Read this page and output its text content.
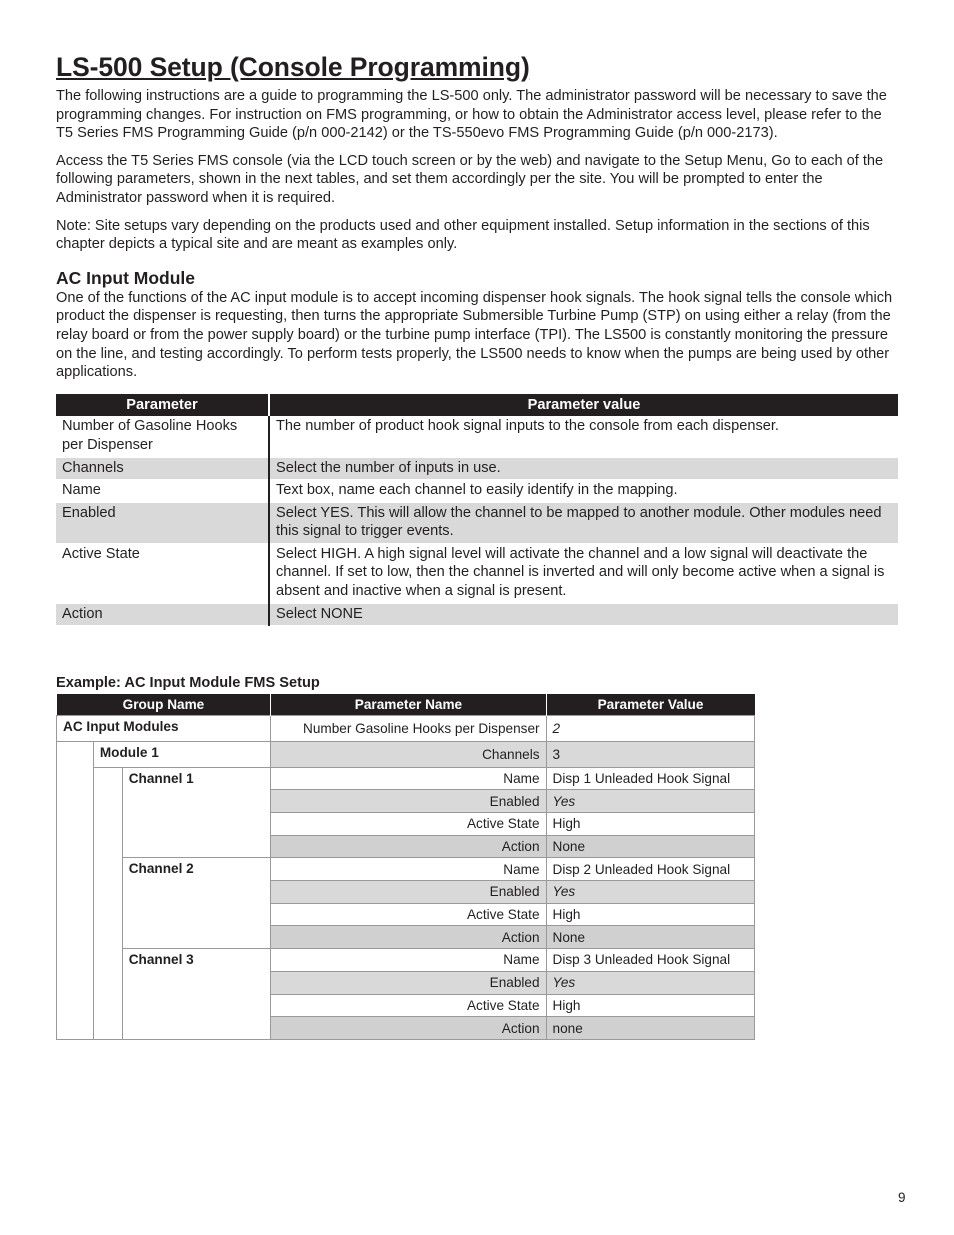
LS-500 Setup (Console Programming)

The following instructions are a guide to programming the LS-500 only. The administrator password will be necessary to save the programming changes. For instruction on FMS programming, or how to obtain the Administrator access level, please refer to the T5 Series FMS Programming Guide (p/n 000-2142) or the TS-550evo FMS Programming Guide (p/n 000-2173).

Access the T5 Series FMS console (via the LCD touch screen or by the web) and navigate to the Setup Menu, Go to each of the following parameters, shown in the next tables, and set them accordingly per the site. You will be prompted to enter the Administrator password when it is required.

Note: Site setups vary depending on the products used and other equipment installed. Setup information in the sections of this chapter depicts a typical site and are meant as examples only.

AC Input Module

One of the functions of the AC input module is to accept incoming dispenser hook signals. The hook signal tells the console which product the dispenser is requesting, then turns the appropriate Submersible Turbine Pump (STP) on using either a relay (from the relay board or from the power supply board) or the turbine pump interface (TPI). The LS500 is constantly monitoring the pressure on the line, and testing accordingly. To perform tests properly, the LS500 needs to know when the pumps are being used by other applications.

Parameter	Parameter value
Number of Gasoline Hooks per Dispenser	The number of product hook signal inputs to the console from each dispenser.
Channels	Select the number of inputs in use.
Name	Text box, name each channel to easily identify in the mapping.
Enabled	Select YES. This will allow the channel to be mapped to another module. Other modules need this signal to trigger events.
Active State	Select HIGH. A high signal level will activate the channel and a low signal will deactivate the channel. If set to low, then the channel is inverted and will only become active when a signal is absent and inactive when a signal is present.
Action	Select NONE
Example: AC Input Module FMS Setup
Group Name			Parameter Name	Parameter Value
AC Input Modules			Number Gasoline Hooks per Dispenser	2
	Module 1		Channels	3
		Channel 1	Name	Disp 1 Unleaded Hook Signal
			Enabled	Yes
			Active State	High
			Action	None
		Channel 2	Name	Disp 2 Unleaded Hook Signal
			Enabled	Yes
			Active State	High
			Action	None
		Channel 3	Name	Disp 3 Unleaded Hook Signal
			Enabled	Yes
			Active State	High
			Action	none
9
